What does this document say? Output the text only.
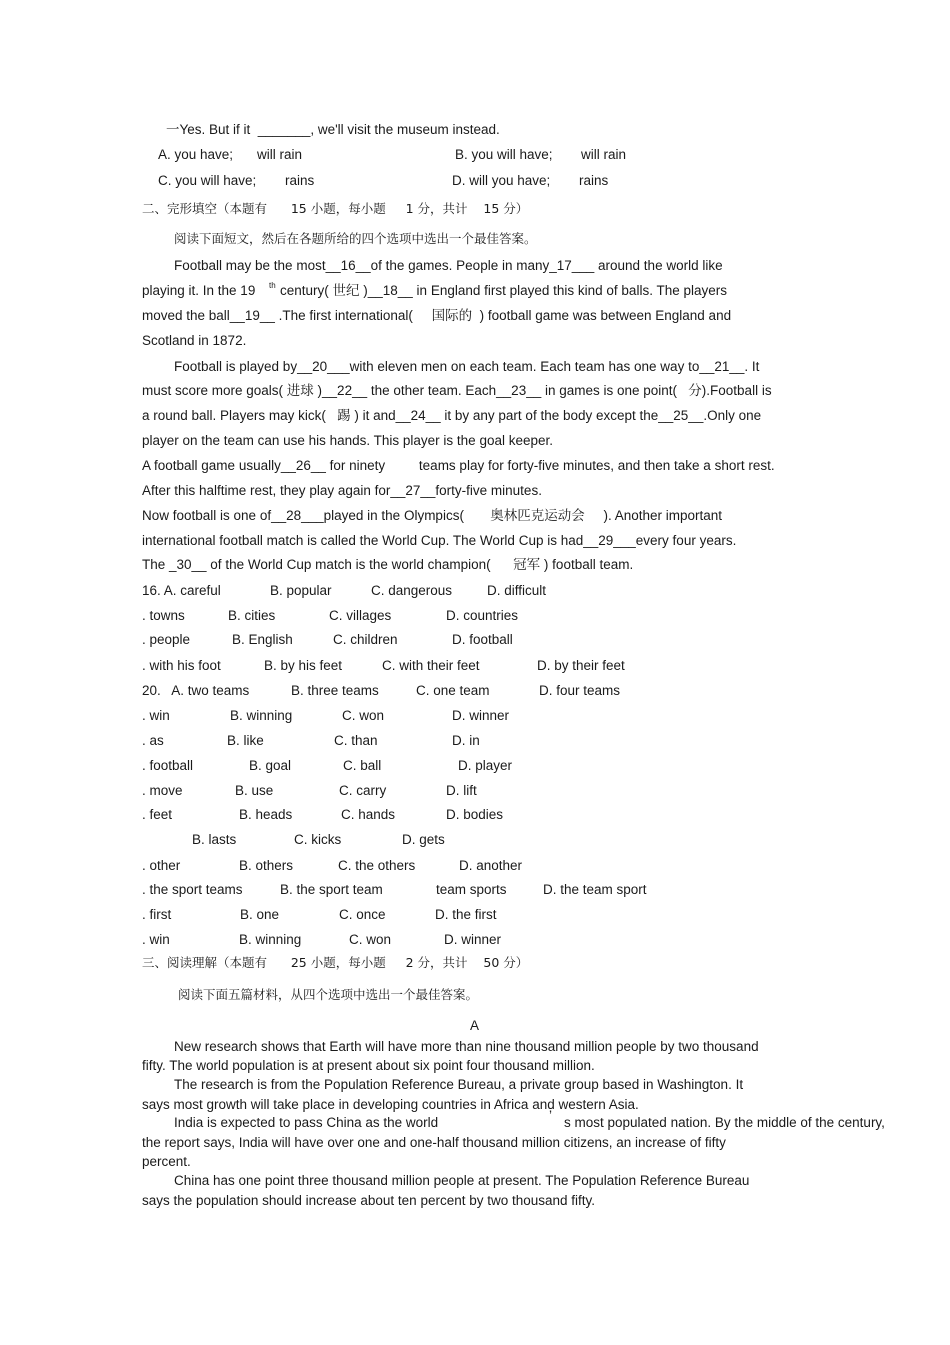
一Yes. But if it  _______, we'll visit the museum instead.
A. you have; will rain	B. you will have; will rain
C. you will have; rains	D. will you have; rains
二、完形填空（本题有      15 小题，每小题     1 分，共计    15 分）
阅读下面短文，然后在各题所给的四个选项中选出一个最佳答案。
Football may be the most__16__of the games. People in many_17___ around the world like
playing it. In the 19 th century( 世纪 )__18__ in England first played this kind of balls. The players
moved the ball__19__ .The first international(     国际的  ) football game was between England and
Scotland in 1872.
Football is played by__20___with eleven men on each team. Each team has one way to__21__. It
must score more goals( 进球 )__22__ the other team. Each__23__ in games is one point(   分).Football is
a round ball. Players may kick(   踢 ) it and__24__ it by any part of the body except the__25__.Only one
player on the team can use his hands. This player is the goal keeper.
A football game usually__26__ for ninety         teams play for forty-five minutes, and then take a short rest.
After this halftime rest, they play again for__27__forty-five minutes.
Now football is one of__28___played in the Olympics(       奥林匹克运动会     ). Another important
international football match is called the World Cup. The World Cup is had__29___every four years.
The _30__ of the World Cup match is the world champion(      冠军 ) football team.
16. A. careful	B. popular	C. dangerous	D. difficult
. towns	B. cities	C. villages	D. countries
. people	B. English	C. children	D. football
. with his foot	B. by his feet	C. with their feet	D. by their feet
20.   A. two teams	B. three teams	C. one team	D. four teams
. win	B. winning	C. won	D. winner
. as	B. like	C. than	D. in
. football	B. goal	C. ball	D. player
. move	B. use	C. carry	D. lift
. feet	B. heads	C. hands	D. bodies
B. lasts	C. kicks	D. gets
. other	B. others	C. the others	D. another
. the sport teams	B. the sport team	team sports	D. the team sport
. first	B. one	C. once	D. the first
. win	B. winning	C. won	D. winner
三、阅读理解（本题有      25 小题，每小题     2 分，共计    50 分）
阅读下面五篇材料，从四个选项中选出一个最佳答案。
A
New research shows that Earth will have more than nine thousand million people by two thousand
fifty. The world population is at present about six point four thousand million.
The research is from the Population Reference Bureau, a private group based in Washington. It
says most growth will take place in developing countries in Africa and western Asia.
India is expected to pass China as the world	’ s most populated nation. By the middle of the century,
the report says, India will have over one and one-half thousand million citizens, an increase of fifty
percent.
China has one point three thousand million people at present. The Population Reference Bureau
says the population should increase about ten percent by two thousand fifty.
